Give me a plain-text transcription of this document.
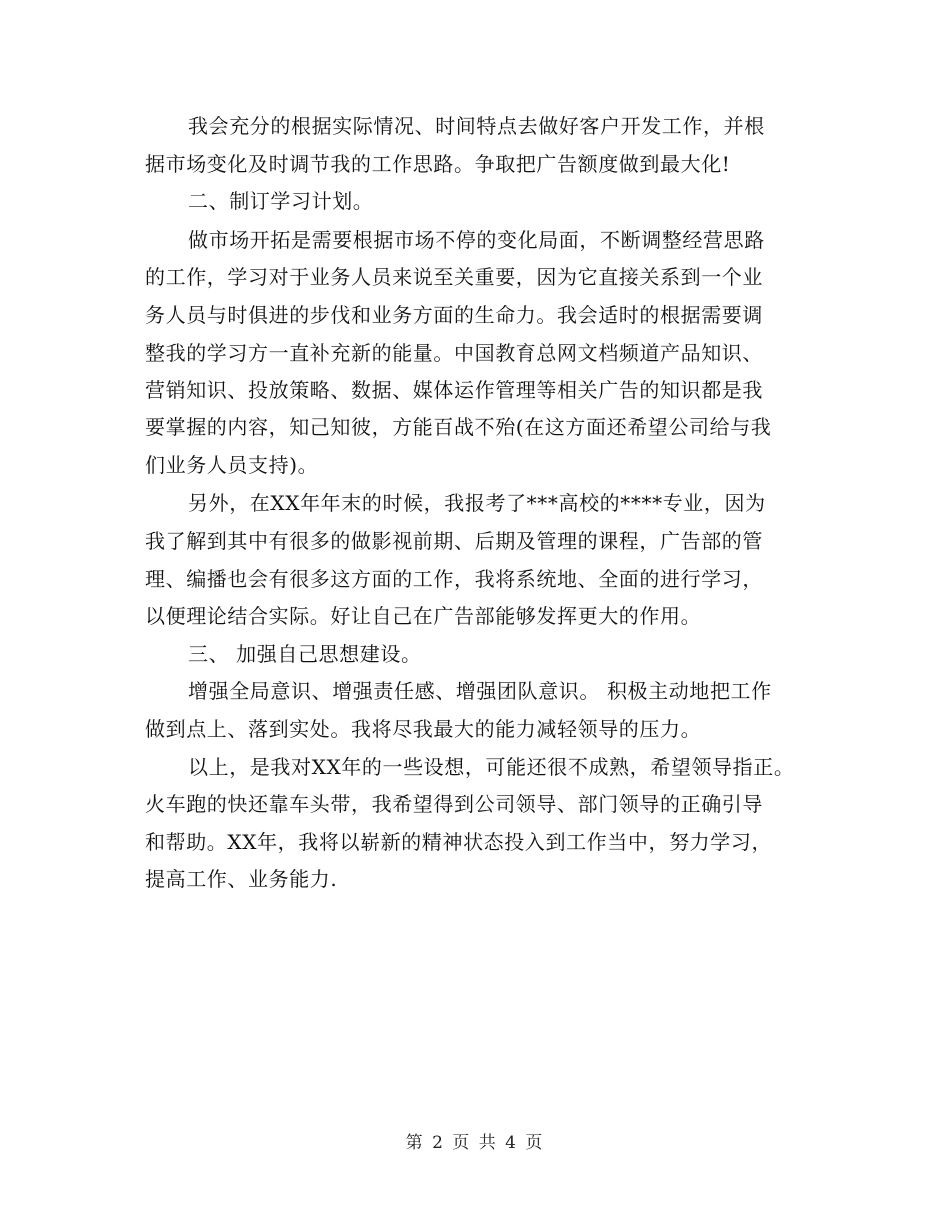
我会充分的根据实际情况、时间特点去做好客户开发工作，并根
据市场变化及时调节我的工作思路。争取把广告额度做到最大化!
二、制订学习计划。
做市场开拓是需要根据市场不停的变化局面，不断调整经营思路
的工作，学习对于业务人员来说至关重要，因为它直接关系到一个业
务人员与时俱进的步伐和业务方面的生命力。我会适时的根据需要调
整我的学习方一直补充新的能量。中国教育总网文档频道产品知识、
营销知识、投放策略、数据、媒体运作管理等相关广告的知识都是我
要掌握的内容，知己知彼，方能百战不殆(在这方面还希望公司给与我
们业务人员支持)。
另外，在XX年年末的时候，我报考了***高校的****专业，因为
我了解到其中有很多的做影视前期、后期及管理的课程，广告部的管
理、编播也会有很多这方面的工作，我将系统地、全面的进行学习，
以便理论结合实际。好让自己在广告部能够发挥更大的作用。
三、 加强自己思想建设。
增强全局意识、增强责任感、增强团队意识。 积极主动地把工作
做到点上、落到实处。我将尽我最大的能力减轻领导的压力。
以上，是我对XX年的一些设想，可能还很不成熟，希望领导指正。
火车跑的快还靠车头带，我希望得到公司领导、部门领导的正确引导
和帮助。XX年，我将以崭新的精神状态投入到工作当中，努力学习，
提高工作、业务能力.
第 2 页 共 4 页
